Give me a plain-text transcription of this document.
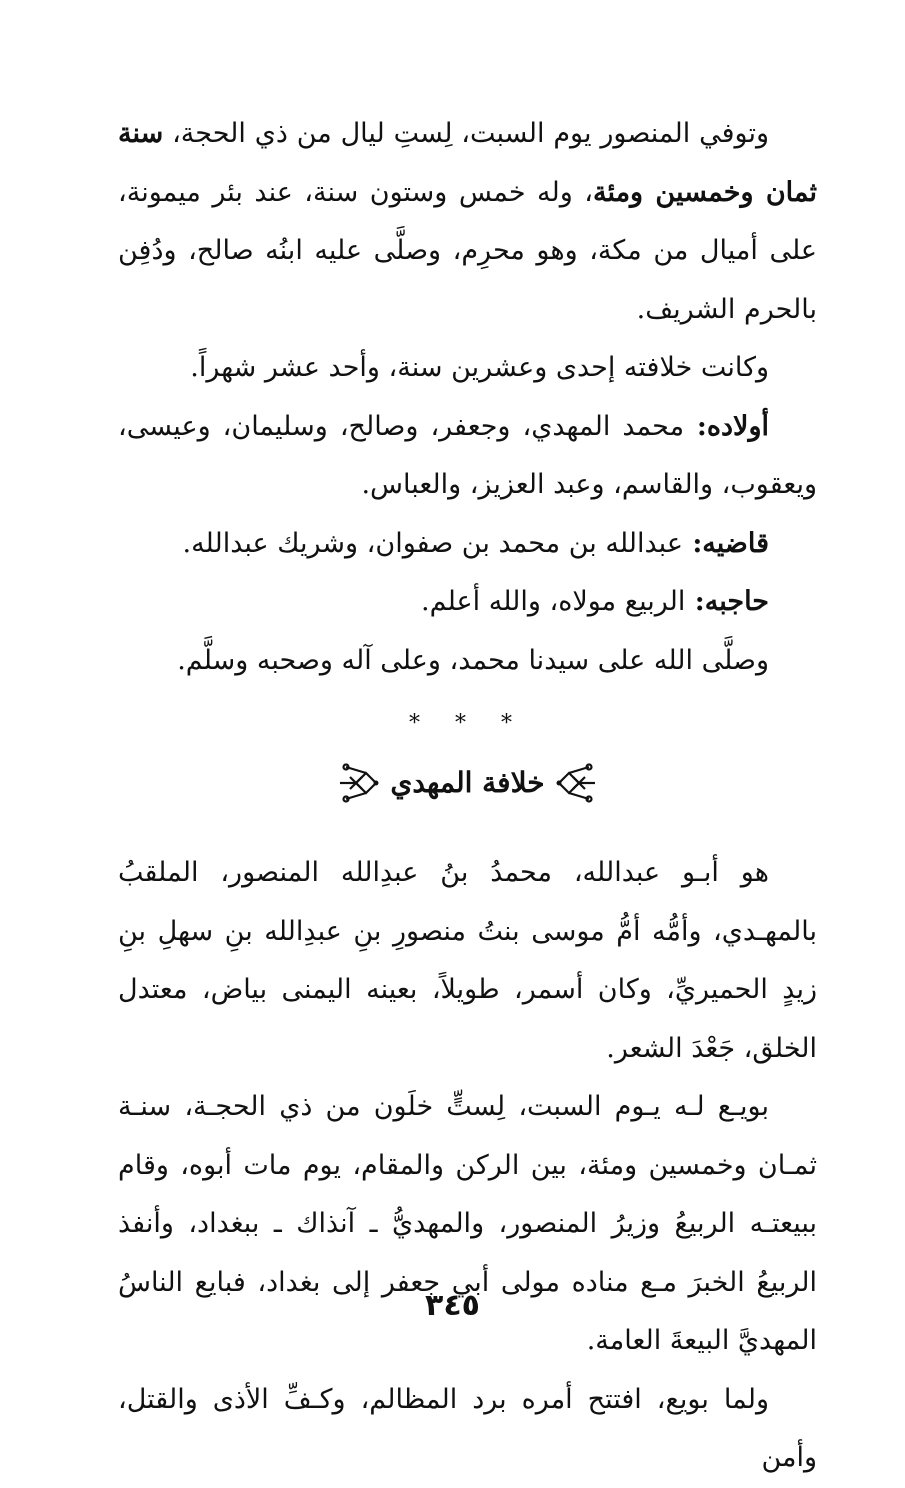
وتوفي المنصور يوم السبت، لِستِ ليال من ذي الحجة، سنة ثمان وخمسين ومئة، وله خمس وستون سنة، عند بئر ميمونة، على أميال من مكة، وهو محرِم، وصلَّى عليه ابنُه صالح، ودُفِن بالحرم الشريف.

وكانت خلافته إحدى وعشرين سنة، وأحد عشر شهراً.

أولاده: محمد المهدي، وجعفر، وصالح، وسليمان، وعيسى، ويعقوب، والقاسم، وعبد العزيز، والعباس.

قاضيه: عبدالله بن محمد بن صفوان، وشريك عبدالله.

حاجبه: الربيع مولاه، والله أعلم.

وصلَّى الله على سيدنا محمد، وعلى آله وصحبه وسلَّم.

* * *
خلافة المهدي

هو أبـو عبدالله، محمدُ بنُ عبدِالله المنصور، الملقبُ بالمهـدي، وأمُّه أمُّ موسى بنتُ منصورِ بنِ عبدِالله بنِ سهلِ بنِ زيدٍ الحميريِّ، وكان أسمر، طويلاً، بعينه اليمنى بياض، معتدل الخلق، جَعْدَ الشعر.

بويـع لـه يـوم السبت، لِستٍّ خلَون من ذي الحجـة، سنـة ثمـان وخمسين ومئة، بين الركن والمقام، يوم مات أبوه، وقام ببيعتـه الربيعُ وزيرُ المنصور، والمهديُّ ـ آنذاك ـ ببغداد، وأنفذ الربيعُ الخبرَ مـع مناده مولى أبي جعفر إلى بغداد، فبايع الناسُ المهديَّ البيعةَ العامة.

ولما بويع، افتتح أمره برد المظالم، وكـفِّ الأذى والقتل، وأمن

٣٤٥
